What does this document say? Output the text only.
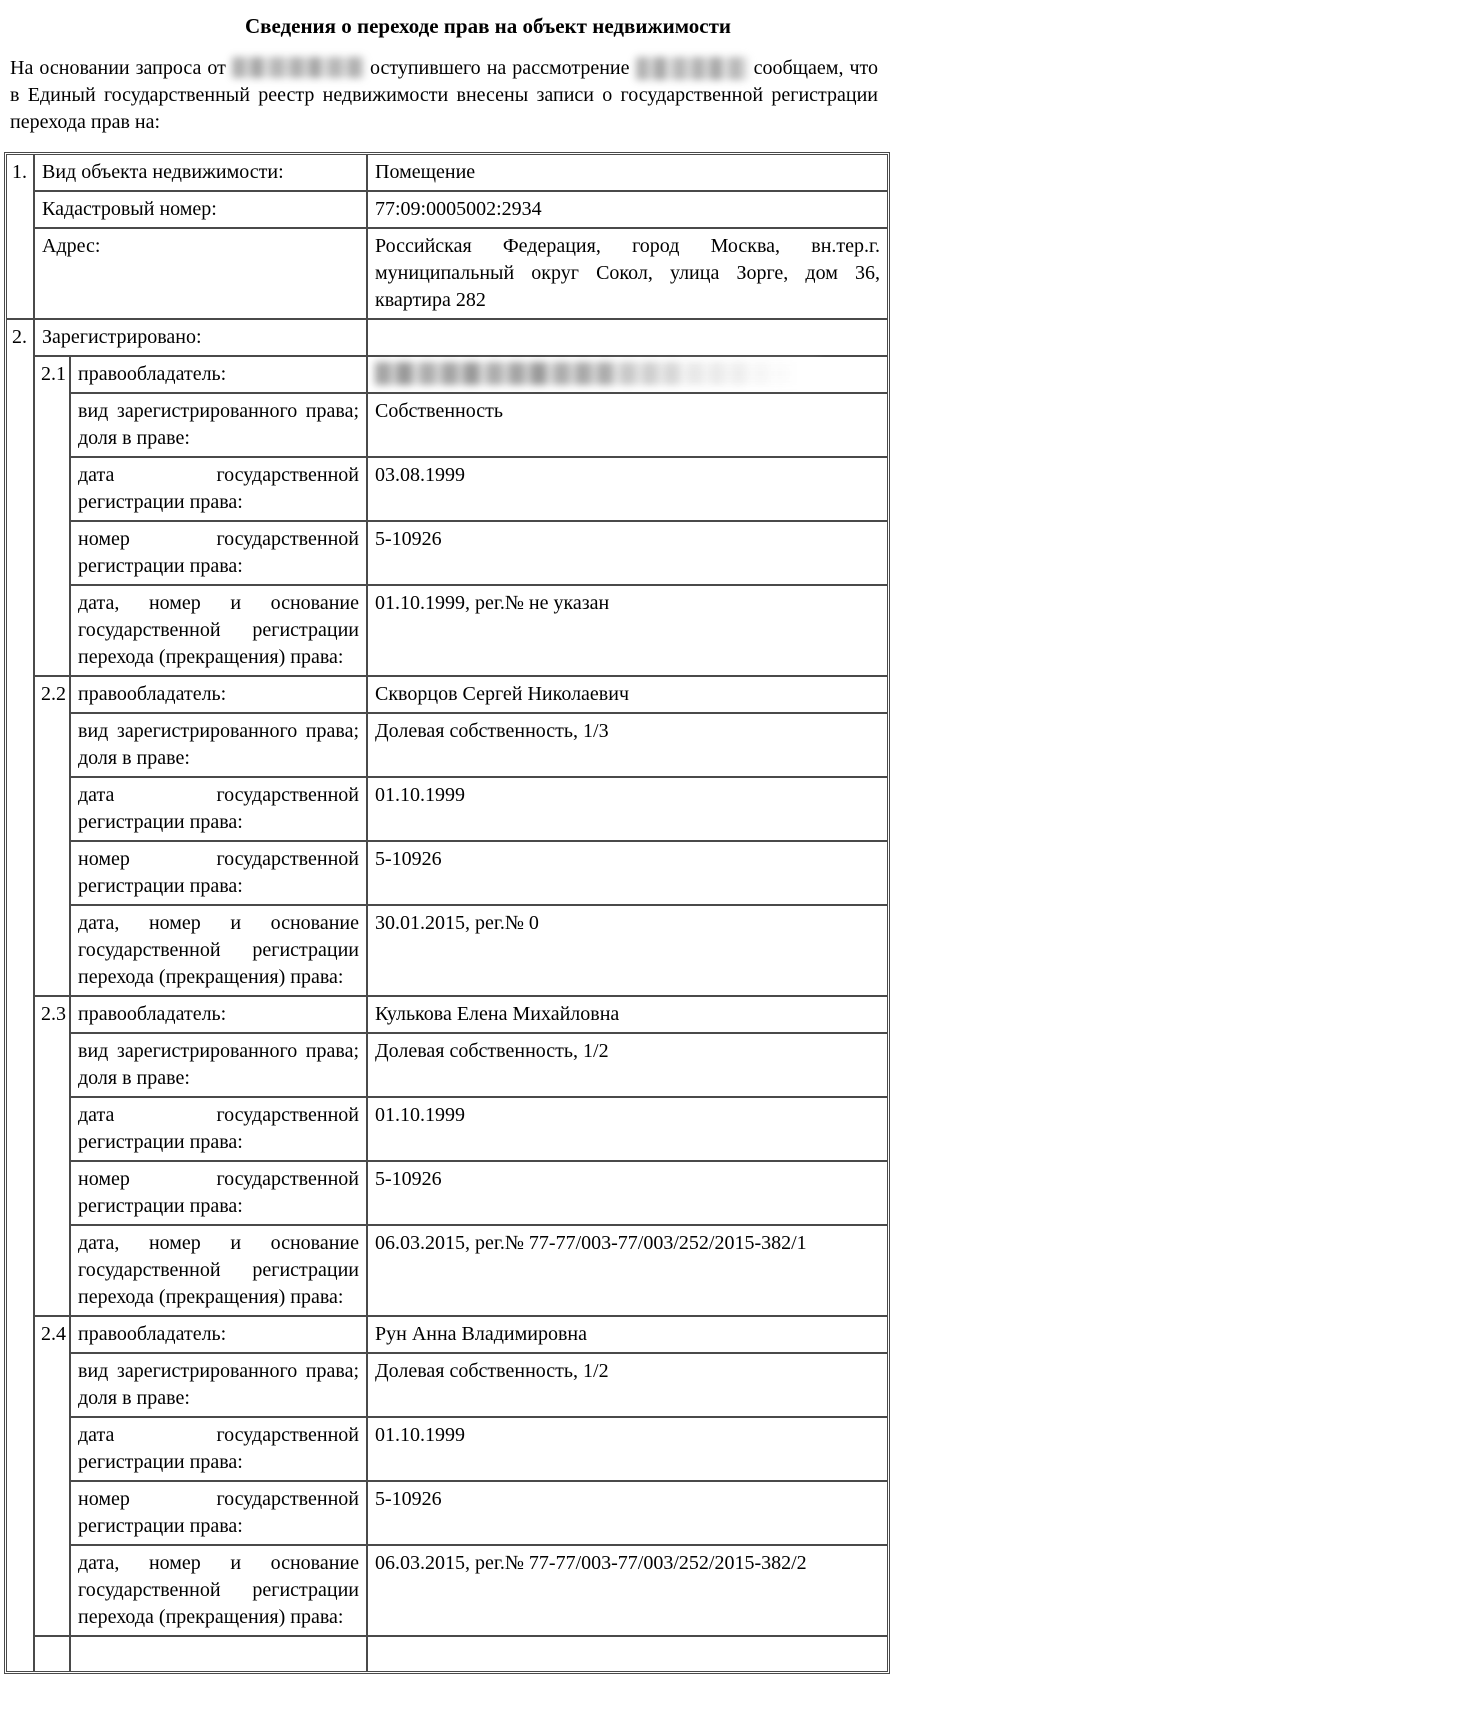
Сведения о переходе прав на объект недвижимости

На основании запроса от	оступившего на рассмотрение	сообщаем, что в Единый государственный реестр недвижимости внесены записи о государственной регистрации перехода прав на:

1.	Вид объекта недвижимости:		Помещение
	Кадастровый номер:		77:09:0005002:2934
	Адрес:		Российская Федерация, город Москва, вн.тер.г. муниципальный округ Сокол, улица Зорге, дом 36, квартира 282
2.	Зарегистрировано:		
	2.1	правообладатель:	
		вид зарегистрированного права; доля в праве:	Собственность
		дата государственной регистрации права:	03.08.1999
		номер государственной регистрации права:	5-10926
		дата, номер и основание государственной регистрации перехода (прекращения) права:	01.10.1999, рег.№ не указан
	2.2	правообладатель:	Скворцов Сергей Николаевич
		вид зарегистрированного права; доля в праве:	Долевая собственность, 1/3
		дата государственной регистрации права:	01.10.1999
		номер государственной регистрации права:	5-10926
		дата, номер и основание государственной регистрации перехода (прекращения) права:	30.01.2015, рег.№ 0
	2.3	правообладатель:	Кулькова Елена Михайловна
		вид зарегистрированного права; доля в праве:	Долевая собственность, 1/2
		дата государственной регистрации права:	01.10.1999
		номер государственной регистрации права:	5-10926
		дата, номер и основание государственной регистрации перехода (прекращения) права:	06.03.2015, рег.№ 77-77/003-77/003/252/2015-382/1
	2.4	правообладатель:	Рун Анна Владимировна
		вид зарегистрированного права; доля в праве:	Долевая собственность, 1/2
		дата государственной регистрации права:	01.10.1999
		номер государственной регистрации права:	5-10926
		дата, номер и основание государственной регистрации перехода (прекращения) права:	06.03.2015, рег.№ 77-77/003-77/003/252/2015-382/2
